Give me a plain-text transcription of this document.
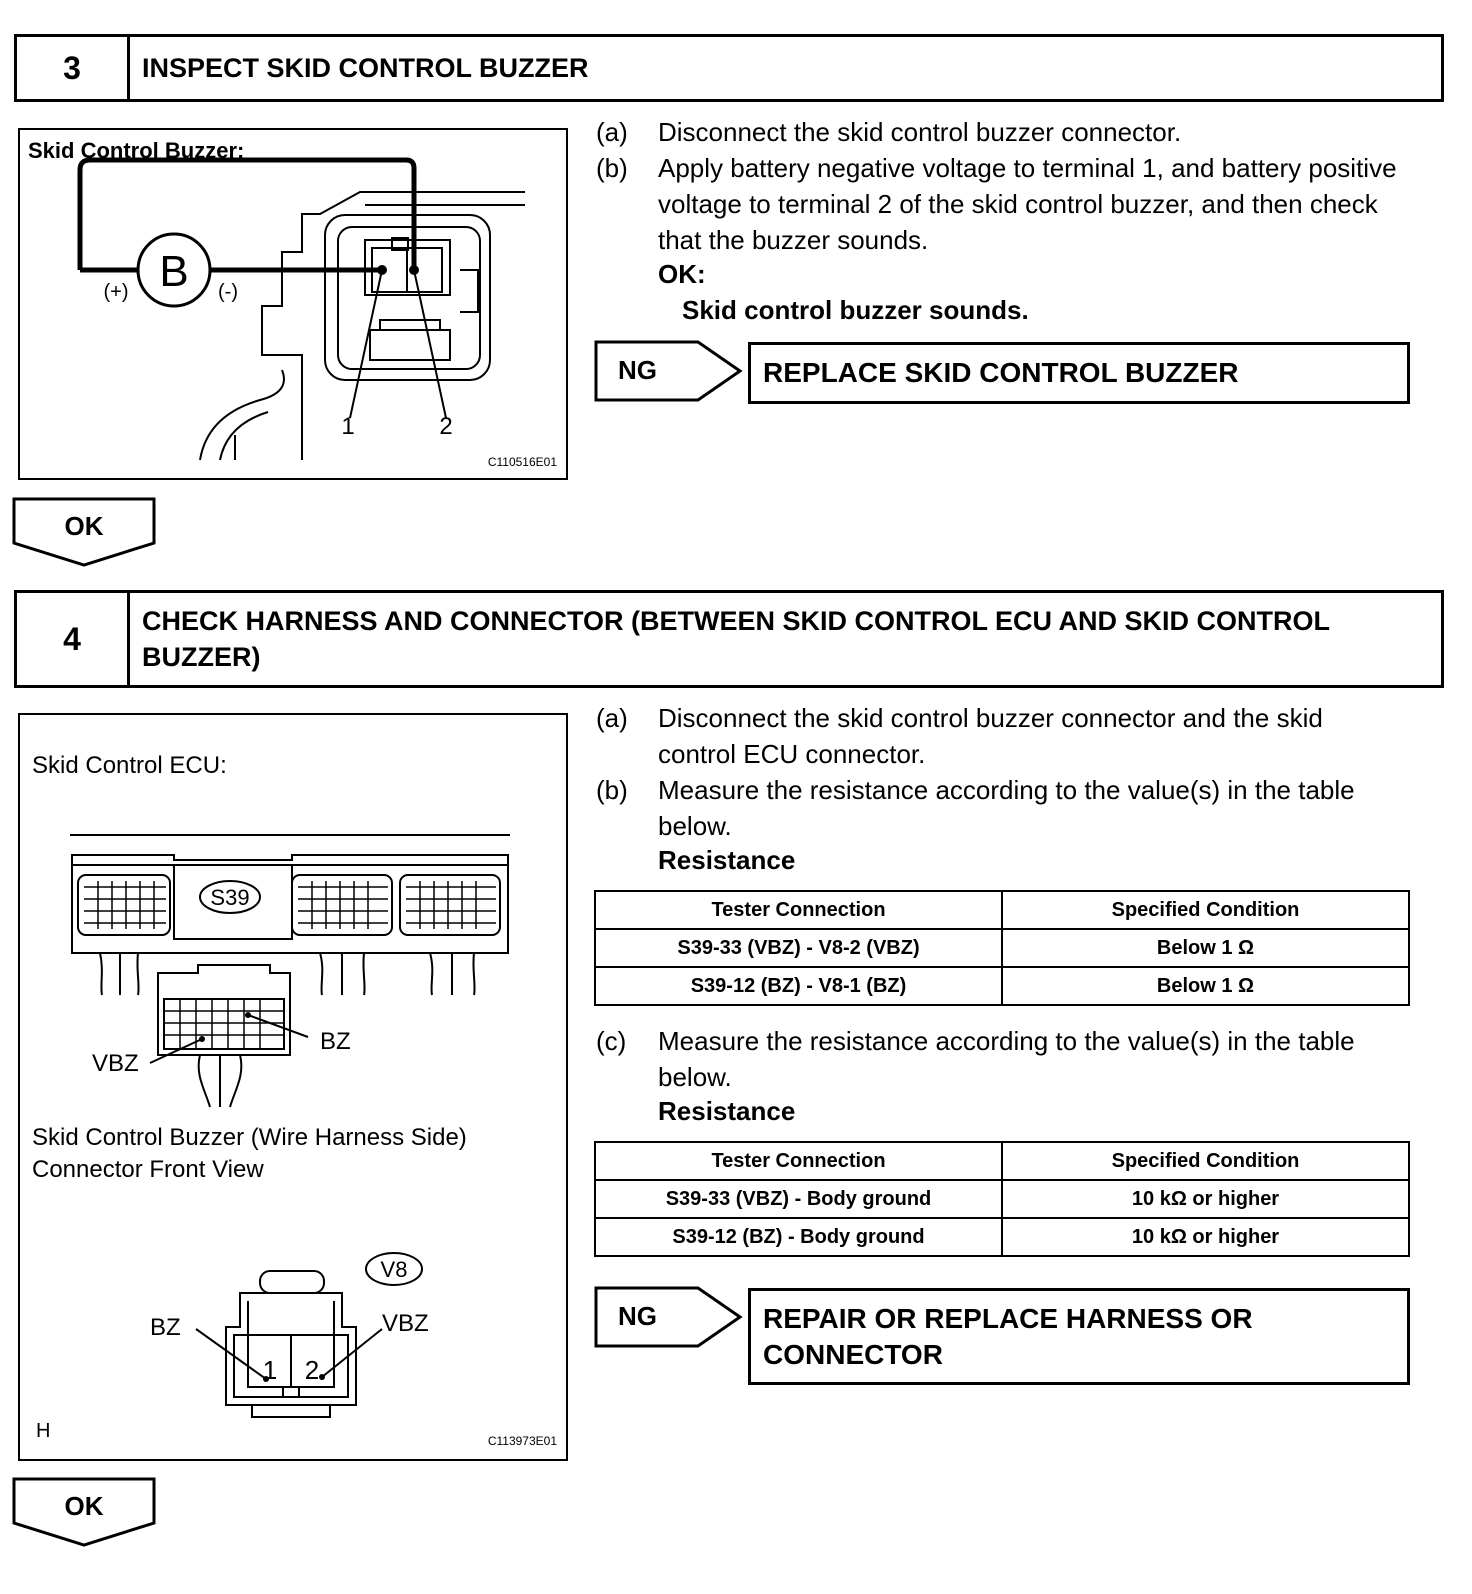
3	INSPECT SKID CONTROL BUZZER
Skid Control Buzzer:
B
(+)	(-)
1	2
C110516E01
(a)	Disconnect the skid control buzzer connector.
(b)	Apply battery negative voltage to terminal 1, and battery positive voltage to terminal 2 of the skid control buzzer, and then check that the buzzer sounds.
OK:
Skid control buzzer sounds.
NG	REPLACE SKID CONTROL BUZZER
OK
4	CHECK HARNESS AND CONNECTOR (BETWEEN SKID CONTROL ECU AND SKID CONTROL BUZZER)
Skid Control ECU:
S39
BZ
VBZ
Skid Control Buzzer (Wire Harness Side)
Connector Front View
V8
BZ	VBZ
1 2
H	C113973E01
(a)	Disconnect the skid control buzzer connector and the skid control ECU connector.
(b)	Measure the resistance according to the value(s) in the table below.
Resistance
Tester Connection	Specified Condition
S39-33 (VBZ) - V8-2 (VBZ)	Below 1 Ω
S39-12 (BZ) - V8-1 (BZ)	Below 1 Ω
(c)	Measure the resistance according to the value(s) in the table below.
Resistance
Tester Connection	Specified Condition
S39-33 (VBZ) - Body ground	10 kΩ or higher
S39-12 (BZ) - Body ground	10 kΩ or higher
NG	REPAIR OR REPLACE HARNESS OR CONNECTOR
OK
